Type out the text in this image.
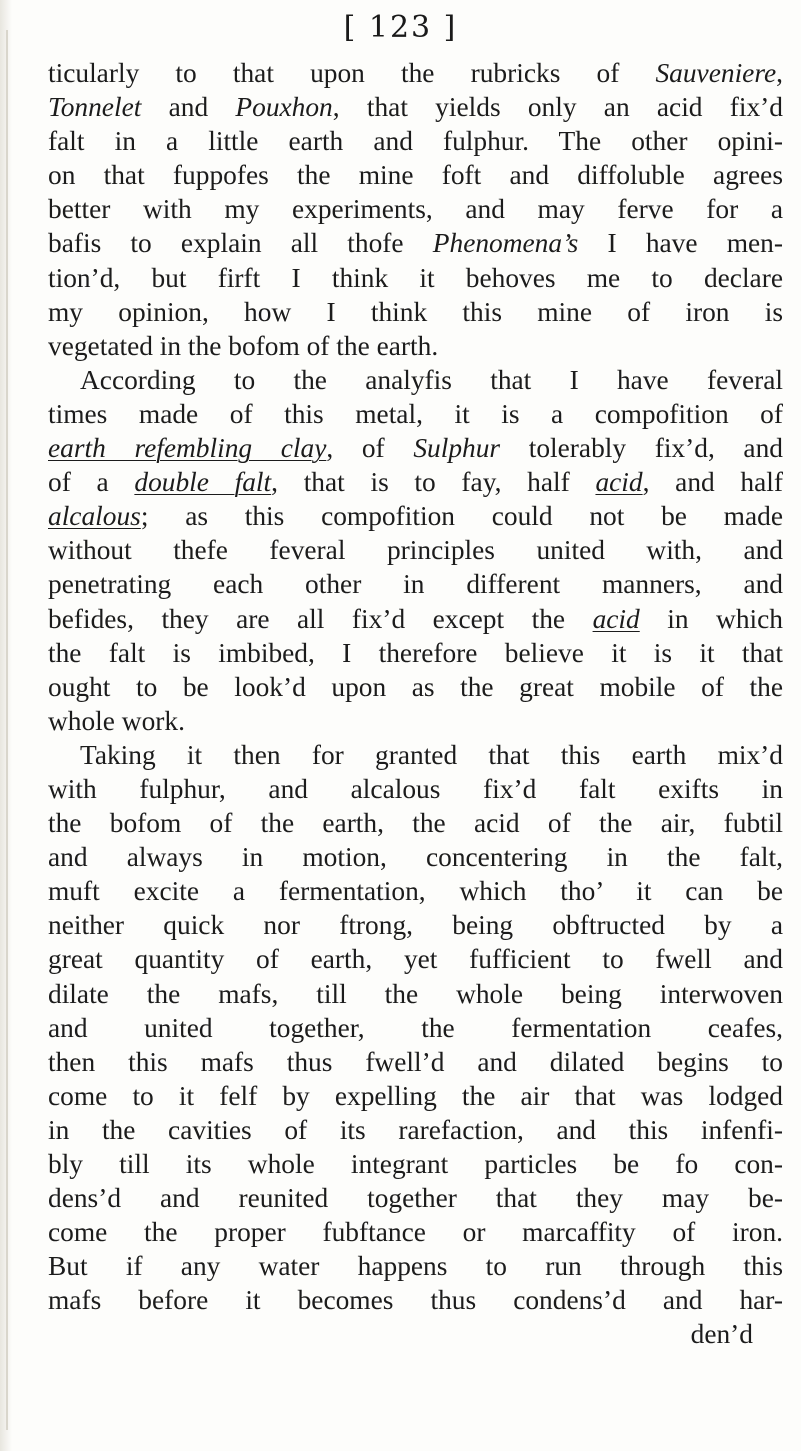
[ 123 ]
ticularly to that upon the rubricks of Sauveniere,
Tonnelet and Pouxhon, that yields only an acid fix’d
falt in a little earth and fulphur. The other opini-
on that fuppofes the mine foft and diffoluble agrees
better with my experiments, and may ferve for a
bafis to explain all thofe Phenomena’s I have men-
tion’d, but firft I think it behoves me to declare
my opinion, how I think this mine of iron is
vegetated in the bofom of the earth.
According to the analyfis that I have feveral
times made of this metal, it is a compofition of
earth refembling clay, of Sulphur tolerably fix’d, and
of a double falt, that is to fay, half acid, and half
alcalous; as this compofition could not be made
without thefe feveral principles united with, and
penetrating each other in different manners, and
befides, they are all fix’d except the acid in which
the falt is imbibed, I therefore believe it is it that
ought to be look’d upon as the great mobile of the
whole work.
Taking it then for granted that this earth mix’d
with fulphur, and alcalous fix’d falt exifts in
the bofom of the earth, the acid of the air, fubtil
and always in motion, concentering in the falt,
muft excite a fermentation, which tho’ it can be
neither quick nor ftrong, being obftructed by a
great quantity of earth, yet fufficient to fwell and
dilate the mafs, till the whole being interwoven
and united together, the fermentation ceafes,
then this mafs thus fwell’d and dilated begins to
come to it felf by expelling the air that was lodged
in the cavities of its rarefaction, and this infenfi-
bly till its whole integrant particles be fo con-
dens’d and reunited together that they may be-
come the proper fubftance or marcaffity of iron.
But if any water happens to run through this
mafs before it becomes thus condens’d and har-
den’d
